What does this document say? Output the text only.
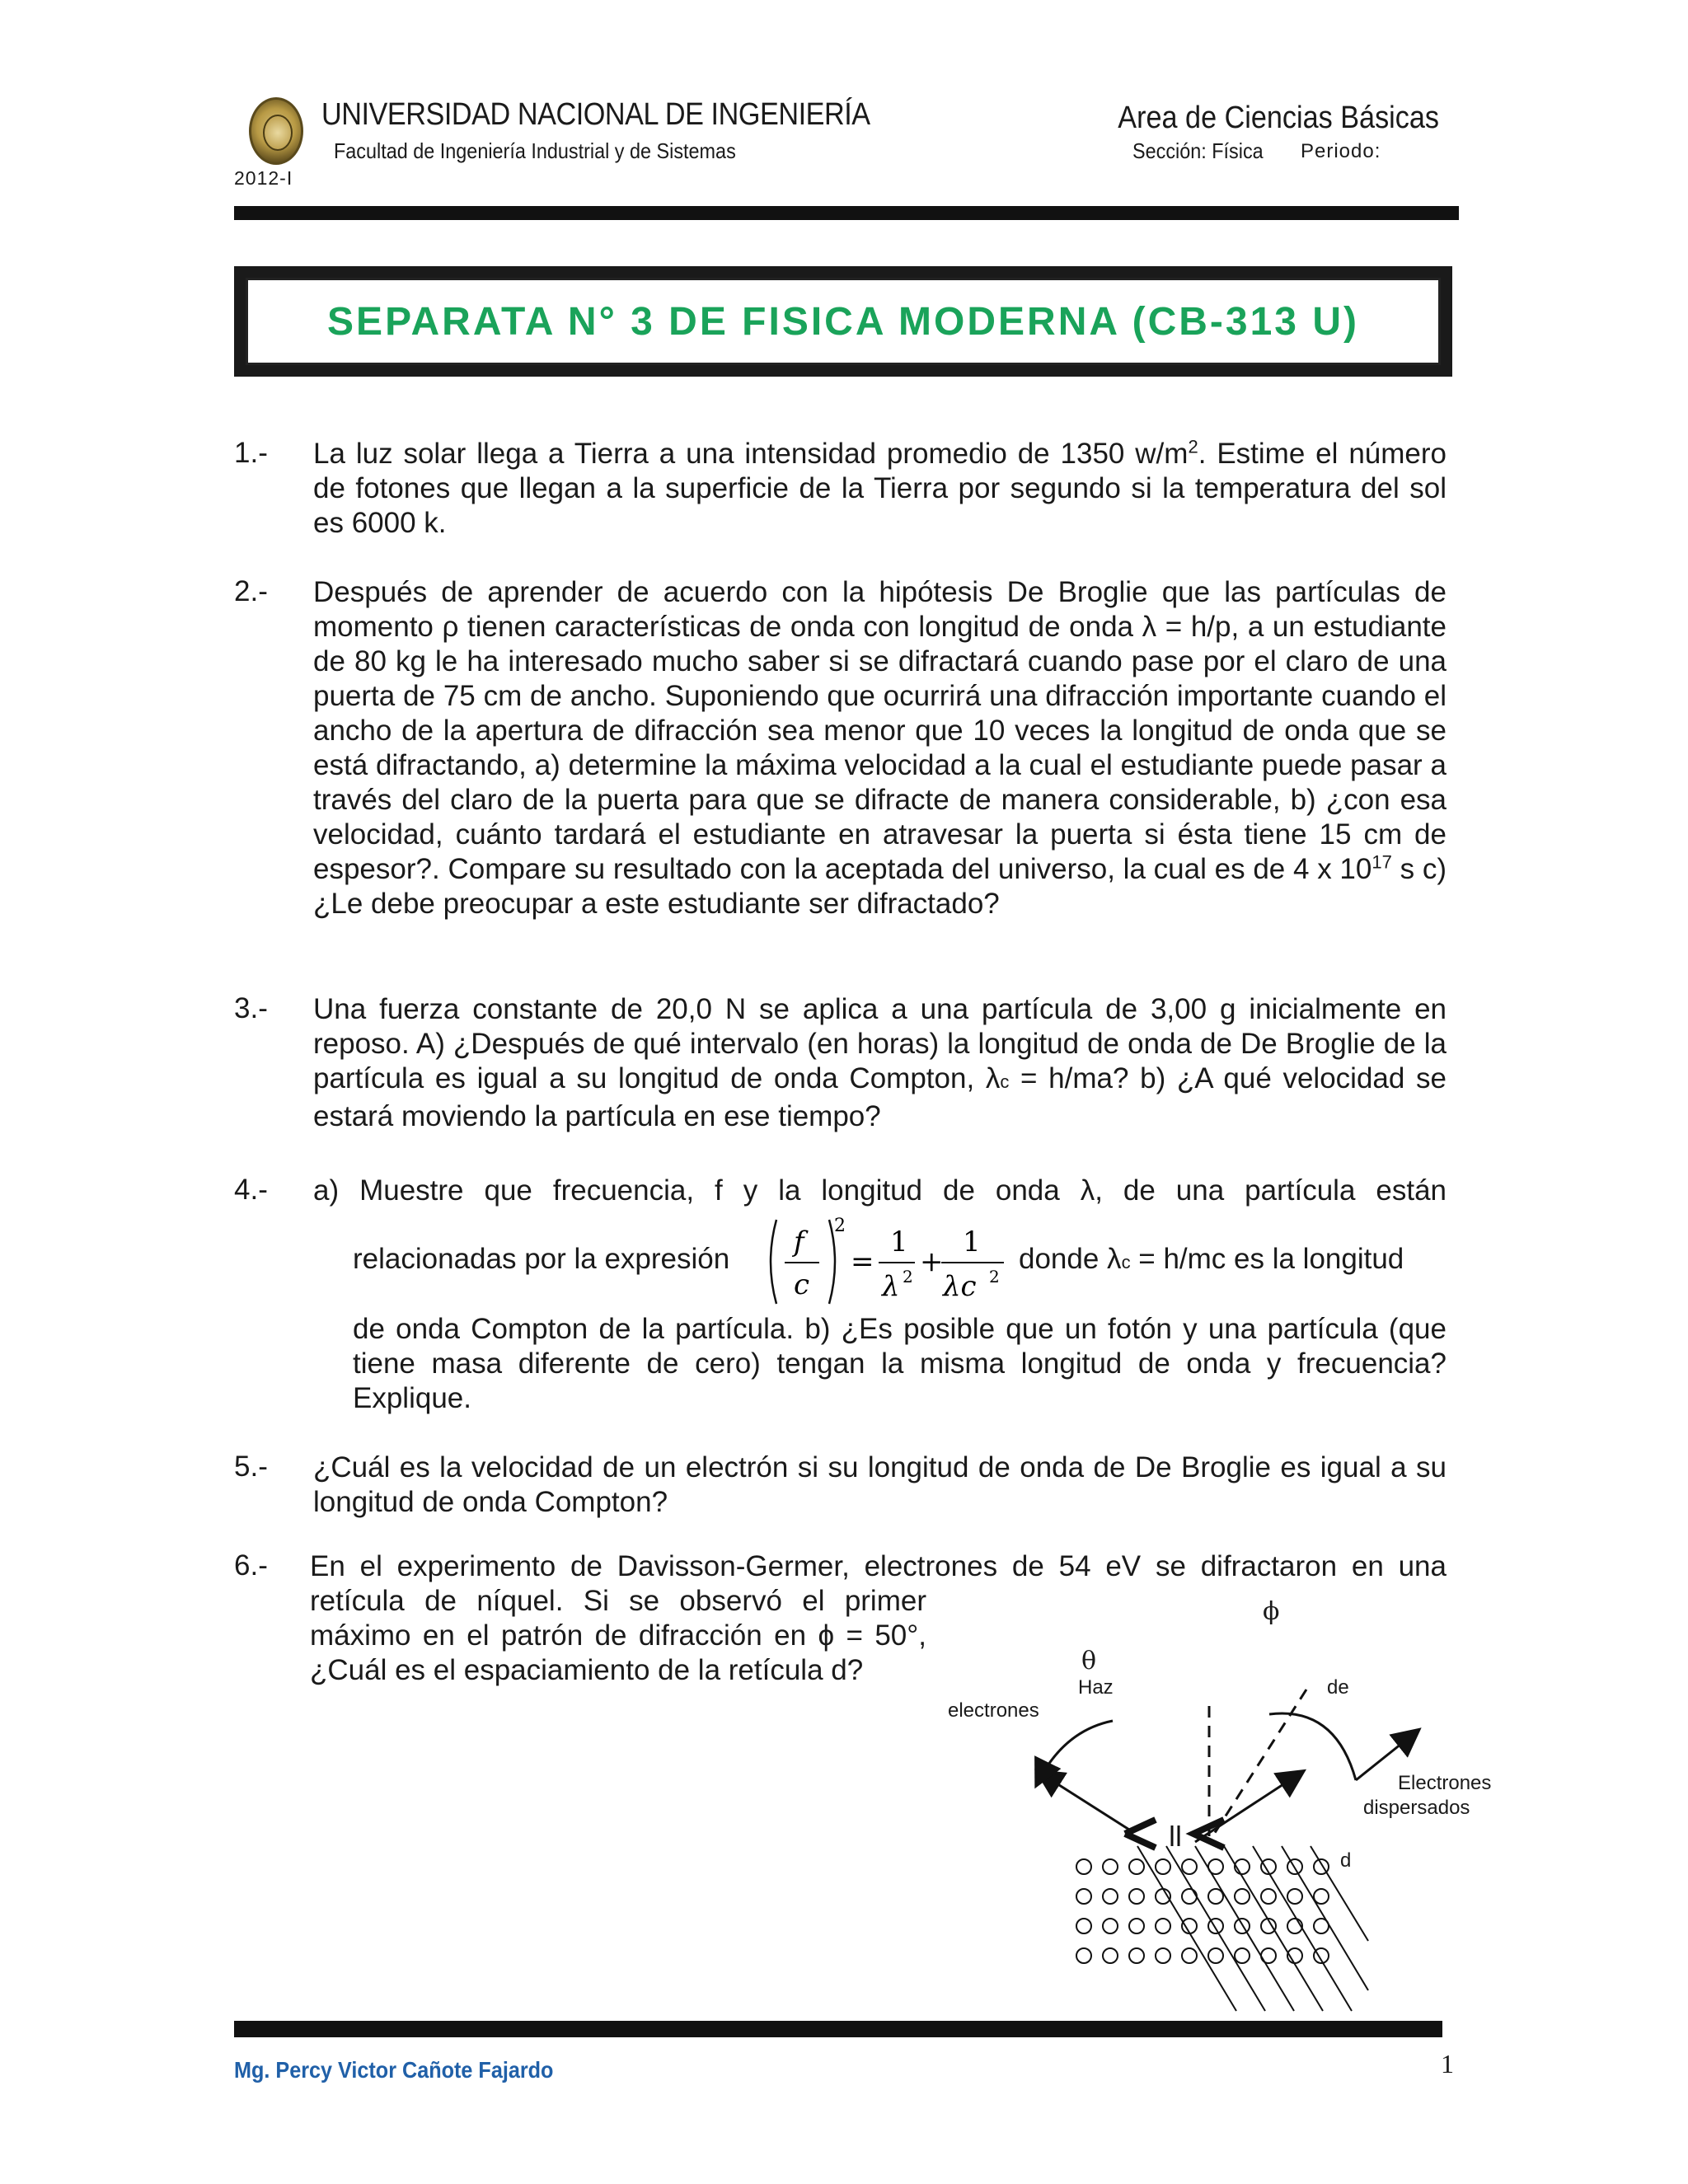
UNIVERSIDAD NACIONAL DE INGENIERÍA
Facultad de Ingeniería Industrial y de Sistemas
2012-I
Area de Ciencias Básicas
Sección: Física Periodo:
SEPARATA N° 3 DE FISICA MODERNA (CB-313 U)
1.- La luz solar llega a Tierra a una intensidad promedio de 1350 $w/m^2$. Estime el número de fotones que llegan a la superficie de la Tierra por segundo si la temperatura del sol es 6000 k.
2.- Después de aprender de acuerdo con la hipótesis De Broglie que las partículas de momento ρ tienen características de onda con longitud de onda λ = h/p, a un estudiante de 80 kg le ha interesado mucho saber si se difractará cuando pase por el claro de una puerta de 75 cm de ancho. Suponiendo que ocurrirá una difracción importante cuando el ancho de la apertura de difracción sea menor que 10 veces la longitud de onda que se está difractando, a) determine la máxima velocidad a la cual el estudiante puede pasar a través del claro de la puerta para que se difracte de manera considerable, b) ¿con esa velocidad, cuánto tardará el estudiante en atravesar la puerta si ésta tiene 15 cm de espesor?. Compare su resultado con la aceptada del universo, la cual es de 4 x $10^{17}$ s c) ¿Le debe preocupar a este estudiante ser difractado?
3.- Una fuerza constante de 20,0 N se aplica a una partícula de 3,00 g inicialmente en reposo. A) ¿Después de qué intervalo (en horas) la longitud de onda de De Broglie de la partícula es igual a su longitud de onda Compton, λc = h/ma? b) ¿A qué velocidad se estará moviendo la partícula en ese tiempo?
4.- a) Muestre que frecuencia, f y la longitud de onda λ, de una partícula están
relacionadas por la expresión
2
f
c
=
1
λ 2 +
1
λc 2
donde λc = h/mc es la longitud
de onda Compton de la partícula. b) ¿Es posible que un fotón y una partícula (que tiene masa diferente de cero) tengan la misma longitud de onda y frecuencia? Explique.
5.- ¿Cuál es la velocidad de un electrón si su longitud de onda de De Broglie es igual a su longitud de onda Compton?
6.- En el experimento de Davisson-Germer, electrones de 54 eV se difractaron en una
retícula de níquel. Si se observó el primer máximo en el patrón de difracción en ϕ = 50°, ¿Cuál es el espaciamiento de la retícula d?
ϕ
θ
Haz	de
electrones
Electrones
dispersados
d
Mg. Percy Victor Cañote Fajardo	1
